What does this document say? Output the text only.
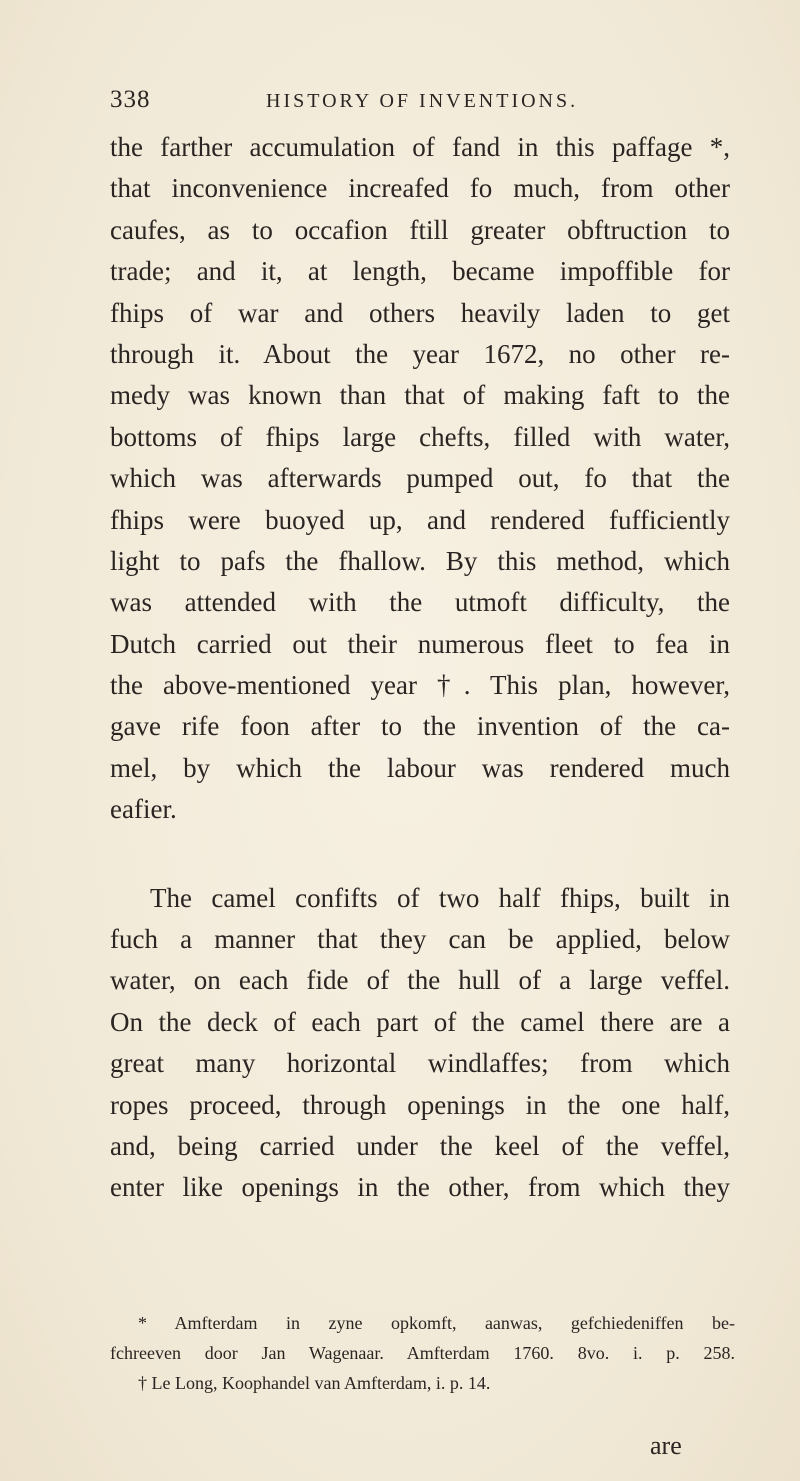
338	HISTORY OF INVENTIONS.
the farther accumulation of fand in this paffage *,
that inconvenience increafed fo much, from other
caufes, as to occafion ftill greater obftruction to
trade; and it, at length, became impoffible for
fhips of war and others heavily laden to get
through it. About the year 1672, no other re-
medy was known than that of making faft to the
bottoms of fhips large chefts, filled with water,
which was afterwards pumped out, fo that the
fhips were buoyed up, and rendered fufficiently
light to pafs the fhallow. By this method, which
was attended with the utmoft difficulty, the
Dutch carried out their numerous fleet to fea in
the above-mentioned year †. This plan, however,
gave rife foon after to the invention of the ca-
mel, by which the labour was rendered much
eafier.
The camel confifts of two half fhips, built in
fuch a manner that they can be applied, below
water, on each fide of the hull of a large veffel.
On the deck of each part of the camel there are a
great many horizontal windlaffes; from which
ropes proceed, through openings in the one half,
and, being carried under the keel of the veffel,
enter like openings in the other, from which they
* Amfterdam in zyne opkomft, aanwas, gefchiedeniffen be-
fchreeven door Jan Wagenaar. Amfterdam 1760. 8vo. i. p. 258.
† Le Long, Koophandel van Amfterdam, i. p. 14.
are
